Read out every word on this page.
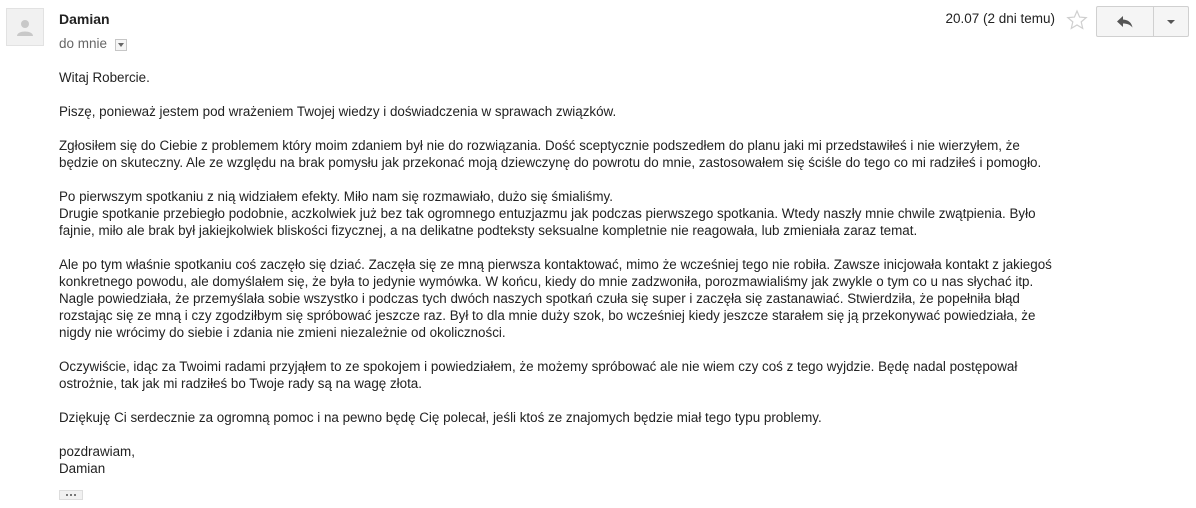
Damian
do mnie
20.07 (2 dni temu)

Witaj Robercie.

Piszę, ponieważ jestem pod wrażeniem Twojej wiedzy i doświadczenia w sprawach związków.

Zgłosiłem się do Ciebie z problemem który moim zdaniem był nie do rozwiązania. Dość sceptycznie podszedłem do planu jaki mi przedstawiłeś i nie wierzyłem, że
będzie on skuteczny. Ale ze względu na brak pomysłu jak przekonać moją dziewczynę do powrotu do mnie, zastosowałem się ściśle do tego co mi radziłeś i pomogło.

Po pierwszym spotkaniu z nią widziałem efekty. Miło nam się rozmawiało, dużo się śmialiśmy.
Drugie spotkanie przebiegło podobnie, aczkolwiek już bez tak ogromnego entuzjazmu jak podczas pierwszego spotkania. Wtedy naszły mnie chwile zwątpienia. Było
fajnie, miło ale brak był jakiejkolwiek bliskości fizycznej, a na delikatne podteksty seksualne kompletnie nie reagowała, lub zmieniała zaraz temat.

Ale po tym właśnie spotkaniu coś zaczęło się dziać. Zaczęła się ze mną pierwsza kontaktować, mimo że wcześniej tego nie robiła. Zawsze inicjowała kontakt z jakiegoś
konkretnego powodu, ale domyślałem się, że była to jedynie wymówka. W końcu, kiedy do mnie zadzwoniła, porozmawialiśmy jak zwykle o tym co u nas słychać itp.
Nagle powiedziała, że przemyślała sobie wszystko i podczas tych dwóch naszych spotkań czuła się super i zaczęła się zastanawiać. Stwierdziła, że popełniła błąd
rozstając się ze mną i czy zgodziłbym się spróbować jeszcze raz. Był to dla mnie duży szok, bo wcześniej kiedy jeszcze starałem się ją przekonywać powiedziała, że
nigdy nie wrócimy do siebie i zdania nie zmieni niezależnie od okoliczności.

Oczywiście, idąc za Twoimi radami przyjąłem to ze spokojem i powiedziałem, że możemy spróbować ale nie wiem czy coś z tego wyjdzie. Będę nadal postępował
ostrożnie, tak jak mi radziłeś bo Twoje rady są na wagę złota.

Dziękuję Ci serdecznie za ogromną pomoc i na pewno będę Cię polecał, jeśli ktoś ze znajomych będzie miał tego typu problemy.

pozdrawiam,
Damian
